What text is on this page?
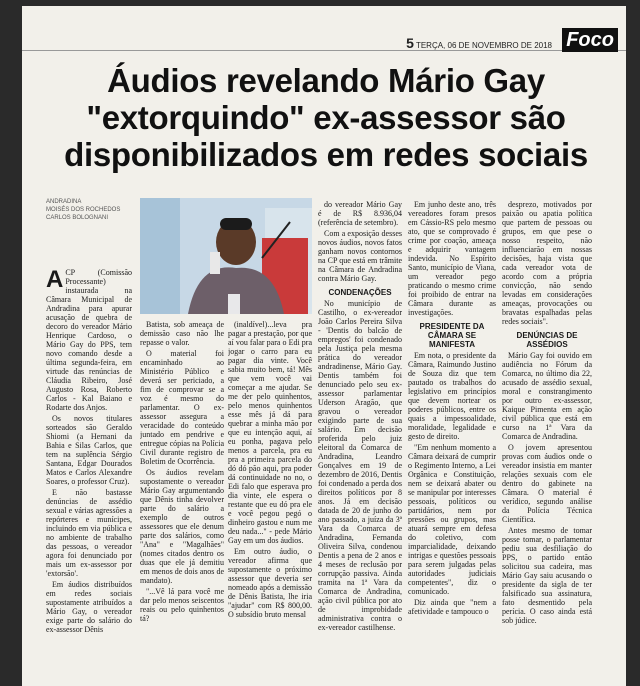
5 TERÇA, 06 DE NOVEMBRO DE 2018 Foco
Áudios revelando Mário Gay "extorquindo" ex-assessor são disponibilizados em redes sociais
ANDRADINA
MOISÉS DOS ROCHEDOS
CARLOS BOLOGNANI

ACP (Comissão Processante) instaurada na Câmara Municipal de Andradina para apurar acusação de quebra de decoro do vereador Mário Henrique Cardoso, o Mário Gay do PPS, tem novo comando desde a última segunda-feira, em virtude das renúncias de Cláudia Ribeiro, José Augusto Rosa, Roberto Carlos - Kal Baiano e Rodarte dos Anjos.

Os novos titulares sorteados são Geraldo Shiomi (a Hernani da Bahia e Silas Carlos, que tem na suplência Sérgio Santana, Edgar Dourados Matos e Carlos Alexandre Soares, o professor Cruz).

E não bastasse denúncias de assédio sexual e várias agressões a repórteres e munícipes, incluindo em via pública e no ambiente de trabalho das pessoas, o vereador agora foi denunciado por mais um ex-assessor por 'extorsão'.

Em áudios distribuídos em redes sociais supostamente atribuídos a Mário Gay, o vereador exige parte do salário do ex-assessor Dênis

Batista, sob ameaça de demissão caso não lhe repasse o valor.

O material foi encaminhado ao Ministério Público e deverá ser periciado, a fim de comprovar se a voz é mesmo do parlamentar. O ex-assessor assegura a veracidade do conteúdo juntado em pendrive e entregue cópias na Polícia Civil durante registro de Boletim de Ocorrência.

Os áudios revelam supostamente o vereador Mário Gay argumentando que Dênis tinha devolver parte do salário a exemplo de outros assessores que ele denum parte dos salários, como "Ana" e "Magalhães" (nomes citados dentro os duas que ele já demitiu em menos de dois anos de mandato).

"...Vê lá para você me dar pelo menos seiscentos reais ou pelo quinhentos tá?

(inaldível)...leva pra pagar a prestação, por que aí vou falar para o Edi pra jogar o carro para eu pagar dia vinte. Você sabia muito bem, tá! Mês que vem você vai começar a me ajudar. Se me der pelo quinhentos, pelo menos quinhentos esse mês já dá para quebrar a minha mão por que eu intenção aqui, aí eu ponha, pagava pelo menos a parcela, pra eu pra a primeira parcela do dó dó pão aqui, pra poder dá continuidade no no, o Edi falo que esperava pro dia vinte, ele espera o restante que eu dó pra ele e você pegou pegó o dinheiro gastou e num me deu nada..." - pede Mário Gay em um dos áudios.

Em outro áudio, o vereador afirma que supostamente o próximo assessor que deveria ser nomeado após a demissão de Dênis Batista, lhe iria "ajudar" com R$ 800,00. O subsídio bruto mensal

do vereador Mário Gay é de R$ 8.936,04 (referência de setembro).

Com a exposição desses novos áudios, novos fatos ganham novos contornos na CP que está em trâmite na Câmara de Andradina contra Mário Gay.

CONDENAÇÕES

No município de Castilho, o ex-vereador João Carlos Pereira Silva - 'Dentis do balcão de empregos' foi condenado pela Justiça pela mesma prática do vereador andradinense, Mário Gay. Dentis também foi denunciado pelo seu ex-assessor parlamentar Uderson Aragão, que gravou o vereador exigindo parte de sua salário. Em decisão proferida pelo juiz eleitoral da Comarca de Andradina, Leandro Gonçalves em 19 de dezembro de 2016, Dentis foi condenado a perda dos direitos políticos por 8 anos. Já em decisão datada de 20 de junho do ano passado, a juíza da 3ª Vara da Comarca de Andradina, Fernanda Oliveira Silva, condenou Dentis a pena de 2 anos e 4 meses de reclusão por corrupção passiva. Ainda tramita na 1ª Vara da Comarca de Andradina, ação civil pública por ato de improbidade administrativa contra o ex-vereador castilhense.

Em junho deste ano, três vereadores foram presos em Cássio-RS pelo mesmo ato, que se comprovado é crime por coação, ameaça e adquirir vantagem indevida. No Espírito Santo, município de Viana, um vereador pego praticando o mesmo crime foi proibido de entrar na Câmara durante as investigações.

PRESIDENTE DA CÂMARA SE MANIFESTA

Em nota, o presidente da Câmara, Raimundo Justino de Souza diz que tem pautado os trabalhos do legislativo em princípios que devem nortear os poderes públicos, entre os quais a impessoalidade, moralidade, legalidade e gesto de direito.

"Em nenhum momento a Câmara deixará de cumprir o Regimento Interno, a Lei Orgânica e Constituição, nem se deixará abater ou se manipular por interesses pessoais, políticos ou partidários, nem por pressões ou grupos, mas atuará sempre em defesa do coletivo, com imparcialidade, deixando intrigas e questões pessoais para serem julgadas pelas autoridades judiciais competentes", diz o comunicado.

Diz ainda que "nem a afetividade e tampouco o

desprezo, motivados por paixão ou apatia política que partem de pessoas ou grupos, em que pese o nosso respeito, não influenciarão em nossas decisões, haja vista que cada vereador vota de acordo com a própria convicção, não sendo levadas em considerações ameaças, provocações ou bravatas espalhadas pelas redes sociais".

DENÚNCIAS DE ASSÉDIOS

Mário Gay foi ouvido em audiência no Fórum da Comarca, no último dia 22, acusado de assédio sexual, moral e constrangimento por outro ex-assessor, Kaique Pimenta em ação civil pública que está em curso na 1ª Vara da Comarca de Andradina.

O jovem apresentou provas com áudios onde o vereador insistia em manter relações sexuais com ele dentro do gabinete na Câmara. O material é verídico, segundo análise da Polícia Técnica Científica.

Antes mesmo de tomar posse tomar, o parlamentar pediu sua desfiliação do PPS, o partido então solicitou sua cadeira, mas Mário Gay saiu acusando o presidente da sigla de ter falsificado sua assinatura, fato desmentido pela perícia. O caso ainda está sob júdice.
